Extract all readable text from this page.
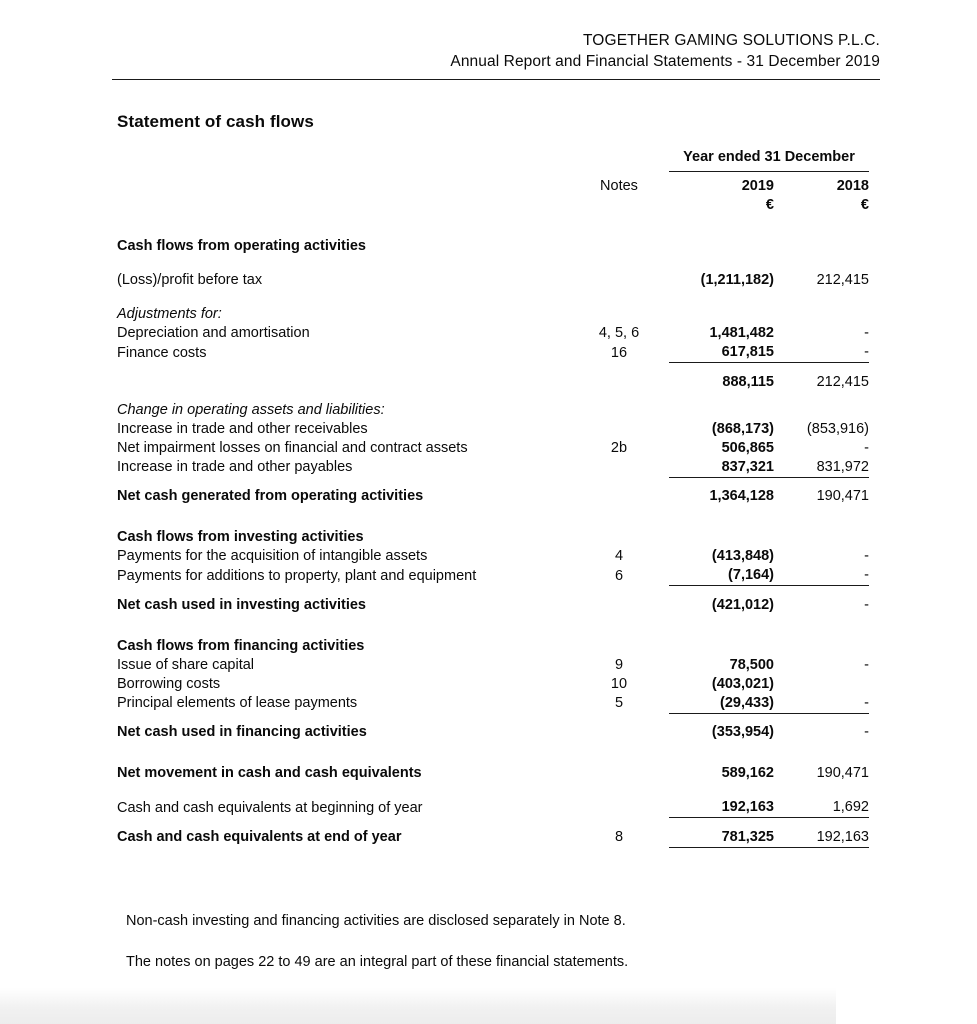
TOGETHER GAMING SOLUTIONS P.L.C.
Annual Report and Financial Statements - 31 December 2019
Statement of cash flows

		Year ended 31 December	

	Notes	2019	2018
		€	€

Cash flows from operating activities			

(Loss)/profit before tax		(1,211,182)	212,415

Adjustments for:			
Depreciation and amortisation	4, 5, 6	1,481,482	-
Finance costs	16	617,815	-

		888,115	212,415

Change in operating assets and liabilities:			
Increase in trade and other receivables		(868,173)	(853,916)
Net impairment losses on financial and contract assets	2b	506,865	-
Increase in trade and other payables		837,321	831,972

Net cash generated from operating activities		1,364,128	190,471

Cash flows from investing activities			
Payments for the acquisition of intangible assets	4	(413,848)	-
Payments for additions to property, plant and equipment	6	(7,164)	-

Net cash used in investing activities		(421,012)	-

Cash flows from financing activities			
Issue of share capital	9	78,500	-
Borrowing costs	10	(403,021)	
Principal elements of lease payments	5	(29,433)	-

Net cash used in financing activities		(353,954)	-

Net movement in cash and cash equivalents		589,162	190,471

Cash and cash equivalents at beginning of year		192,163	1,692

Cash and cash equivalents at end of year	8	781,325	192,163

Non-cash investing and financing activities are disclosed separately in Note 8.

The notes on pages 22 to 49 are an integral part of these financial statements.
